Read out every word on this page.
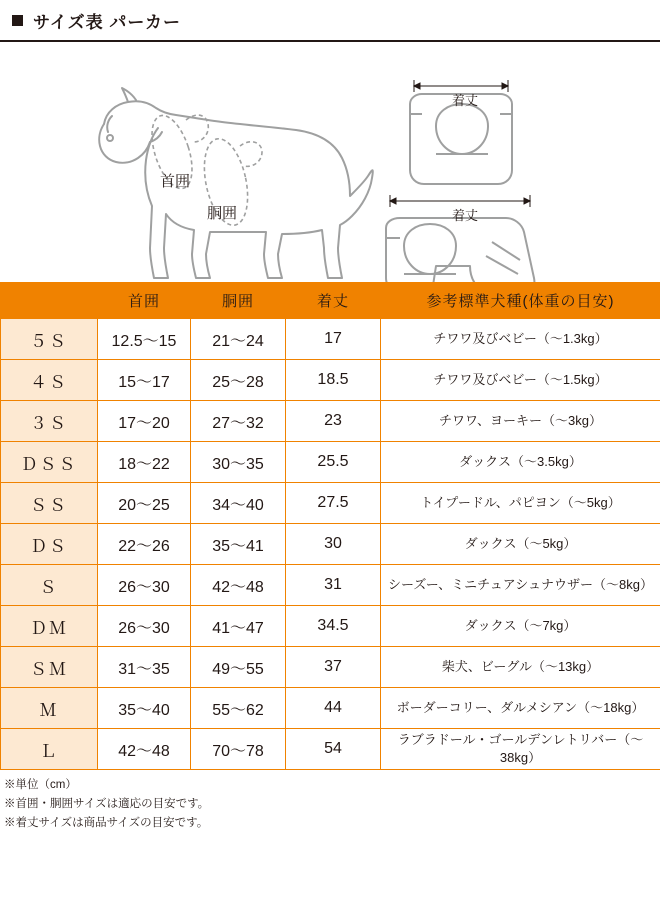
サイズ表 パーカー
首囲
胴囲
着丈
着丈
	首囲	胴囲	着丈	参考標準犬種(体重の目安)
５Ｓ	12.5〜15	21〜24	17	チワワ及びベビー（〜1.3kg）
４Ｓ	15〜17	25〜28	18.5	チワワ及びベビー（〜1.5kg）
３Ｓ	17〜20	27〜32	23	チワワ、ヨーキー（〜3kg）
ＤＳＳ	18〜22	30〜35	25.5	ダックス（〜3.5kg）
ＳＳ	20〜25	34〜40	27.5	トイプードル、パピヨン（〜5kg）
ＤＳ	22〜26	35〜41	30	ダックス（〜5kg）
Ｓ	26〜30	42〜48	31	シーズー、ミニチュアシュナウザー（〜8kg）
ＤＭ	26〜30	41〜47	34.5	ダックス（〜7kg）
ＳＭ	31〜35	49〜55	37	柴犬、ビーグル（〜13kg）
Ｍ	35〜40	55〜62	44	ボーダーコリー、ダルメシアン（〜18kg）
Ｌ	42〜48	70〜78	54	ラブラドール・ゴールデンレトリバー（〜38kg）
※単位（cm）
※首囲・胴囲サイズは適応の目安です。
※着丈サイズは商品サイズの目安です。
